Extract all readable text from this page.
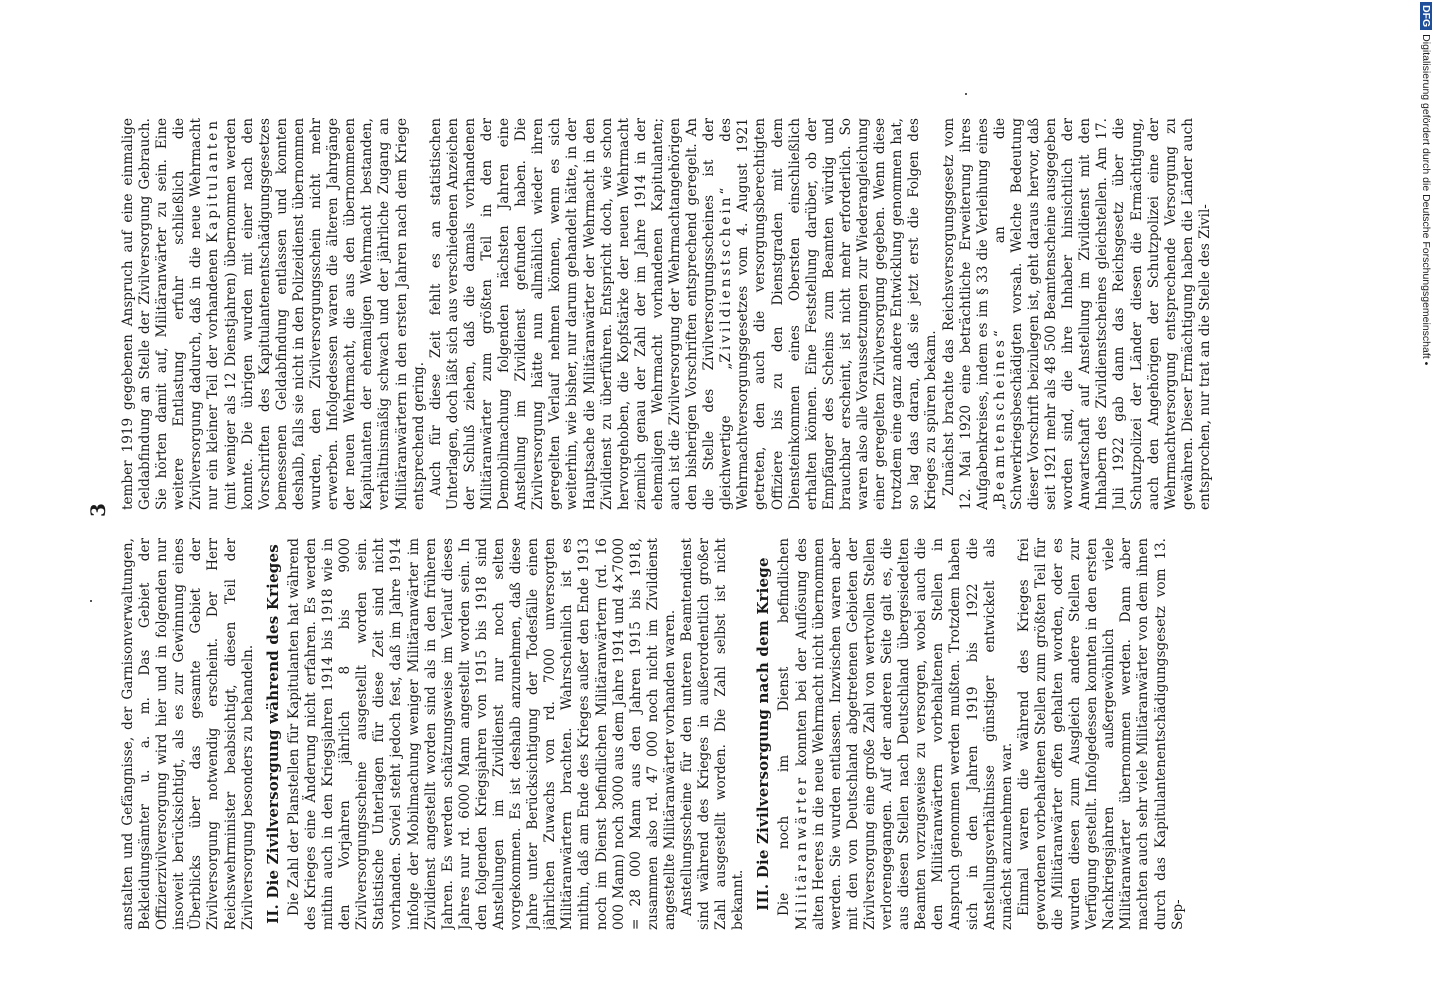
3

anstalten und Gefängnisse, der Garnisonverwaltungen, Bekleidungsämter u. a. m. Das Gebiet der Offizierzivilversorgung wird hier und in folgenden nur insoweit berücksichtigt, als es zur Gewinnung eines Überblicks über das gesamte Gebiet der Zivilversorgung notwendig erscheint. Der Herr Reichswehrminister beabsichtigt, diesen Teil der Zivilversorgung besonders zu behandeln. II. Die Zivilversorgung während des Krieges Die Zahl der Planstellen für Kapitulanten hat während des Krieges eine Änderung nicht erfahren. Es werden mithin auch in den Kriegsjahren 1914 bis 1918 wie in den Vorjahren jährlich 8 bis 9000 Zivilversorgungsscheine ausgestellt worden sein. Statistische Unterlagen für diese Zeit sind nicht vorhanden. Soviel steht jedoch fest, daß im Jahre 1914 infolge der Mobilmachung weniger Militäranwärter im Zivildienst angestellt worden sind als in den früheren Jahren. Es werden schätzungsweise im Verlauf dieses Jahres nur rd. 6000 Mann angestellt worden sein. In den folgenden Kriegsjahren von 1915 bis 1918 sind Anstellungen im Zivildienst nur noch selten vorgekommen. Es ist deshalb anzunehmen, daß diese Jahre unter Berücksichtigung der Todesfälle einen jährlichen Zuwachs von rd. 7000 unversorgten Militäranwärtern brachten. Wahrscheinlich ist es mithin, daß am Ende des Krieges außer den Ende 1913 noch im Dienst befindlichen Militäranwärtern (rd. 16 000 Mann) noch 3000 aus dem Jahre 1914 und 4×7000 = 28 000 Mann aus den Jahren 1915 bis 1918, zusammen also rd. 47 000 noch nicht im Zivildienst angestellte Militäranwärter vorhanden waren. Anstellungsscheine für den unteren Beamtendienst sind während des Krieges in außerordentlich großer Zahl ausgestellt worden. Die Zahl selbst ist nicht bekannt. III. Die Zivilversorgung nach dem Kriege Die noch im Dienst befindlichen Militäranwärter konnten bei der Auflösung des alten Heeres in die neue Wehrmacht nicht übernommen werden. Sie wurden entlassen. Inzwischen waren aber mit den von Deutschland abgetretenen Gebieten der Zivilversorgung eine große Zahl von wertvollen Stellen verlorengegangen. Auf der anderen Seite galt es, die aus diesen Stellen nach Deutschland übergesiedelten Beamten vorzugsweise zu versorgen, wobei auch die den Militäranwärtern vorbehaltenen Stellen in Anspruch genommen werden mußten. Trotzdem haben sich in den Jahren 1919 bis 1922 die Anstellungsverhältnisse günstiger entwickelt als zunächst anzunehmen war. Einmal waren die während des Krieges frei gewordenen vorbehaltenen Stellen zum größten Teil für die Militäranwärter offen gehalten worden, oder es wurden diesen zum Ausgleich andere Stellen zur Verfügung gestellt. Infolgedessen konnten in den ersten Nachkriegsjahren außergewöhnlich viele Militäranwärter übernommen werden. Dann aber machten auch sehr viele Militäranwärter von dem ihnen durch das Kapitulantenentschädigungsgesetz vom 13. Sep-

tember 1919 gegebenen Anspruch auf eine einmalige Geldabfindung an Stelle der Zivilversorgung Gebrauch. Sie hörten damit auf, Militäranwärter zu sein. Eine weitere Entlastung erfuhr schließlich die Zivilversorgung dadurch, daß in die neue Wehrmacht nur ein kleiner Teil der vorhandenen Kapitulanten (mit weniger als 12 Dienstjahren) übernommen werden konnte. Die übrigen wurden mit einer nach den Vorschriften des Kapitulantenentschädigungsgesetzes bemessenen Geldabfindung entlassen und konnten deshalb, falls sie nicht in den Polizeidienst übernommen wurden, den Zivilversorgungsschein nicht mehr erwerben. Infolgedessen waren die älteren Jahrgänge der neuen Wehrmacht, die aus den übernommenen Kapitulanten der ehemaligen Wehrmacht bestanden, verhältnismäßig schwach und der jährliche Zugang an Militäranwärtern in den ersten Jahren nach dem Kriege entsprechend gering. Auch für diese Zeit fehlt es an statistischen Unterlagen, doch läßt sich aus verschiedenen Anzeichen der Schluß ziehen, daß die damals vorhandenen Militäranwärter zum größten Teil in den der Demobilmachung folgenden nächsten Jahren eine Anstellung im Zivildienst gefunden haben. Die Zivilversorgung hätte nun allmählich wieder ihren geregelten Verlauf nehmen können, wenn es sich weiterhin, wie bisher, nur darum gehandelt hätte, in der Hauptsache die Militäranwärter der Wehrmacht in den Zivildienst zu überführen. Entspricht doch, wie schon hervorgehoben, die Kopfstärke der neuen Wehrmacht ziemlich genau der Zahl der im Jahre 1914 in der ehemaligen Wehrmacht vorhandenen Kapitulanten; auch ist die Zivilversorgung der Wehrmachtangehörigen den bisherigen Vorschriften entsprechend geregelt. An die Stelle des Zivilversorgungsscheines ist der gleichwertige „Zivildienstschein“ des Wehrmachtversorgungsgesetzes vom 4. August 1921 getreten, den auch die versorgungsberechtigten Offiziere bis zu den Dienstgraden mit dem Diensteinkommen eines Obersten einschließlich erhalten können. Eine Feststellung darüber, ob der Empfänger des Scheins zum Beamten würdig und brauchbar erscheint, ist nicht mehr erforderlich. So waren also alle Voraussetzungen zur Wiederangleichung einer geregelten Zivilversorgung gegeben. Wenn diese trotzdem eine ganz andere Entwicklung genommen hat, so lag das daran, daß sie jetzt erst die Folgen des Krieges zu spüren bekam. Zunächst brachte das Reichsversorgungsgesetz vom 12. Mai 1920 eine beträchtliche Erweiterung ihres Aufgabenkreises, indem es im § 33 die Verleihung eines „Beamtenscheines“ an die Schwerkriegsbeschädigten vorsah. Welche Bedeutung dieser Vorschrift beizulegen ist, geht daraus hervor, daß seit 1921 mehr als 48 500 Beamtenscheine ausgegeben worden sind, die ihre Inhaber hinsichtlich der Anwartschaft auf Anstellung im Zivildienst mit den Inhabern des Zivildienstscheines gleichstellen. Am 17. Juli 1922 gab dann das Reichsgesetz über die Schutzpolizei der Länder diesen die Ermächtigung, auch den Angehörigen der Schutzpolizei eine der Wehrmachtversorgung entsprechende Versorgung zu gewähren. Dieser Ermächtigung haben die Länder auch entsprochen, nur trat an die Stelle des Zivil-

DFGDigitalisierung gefördert durch die Deutsche Forschungsgemeinschaft •
